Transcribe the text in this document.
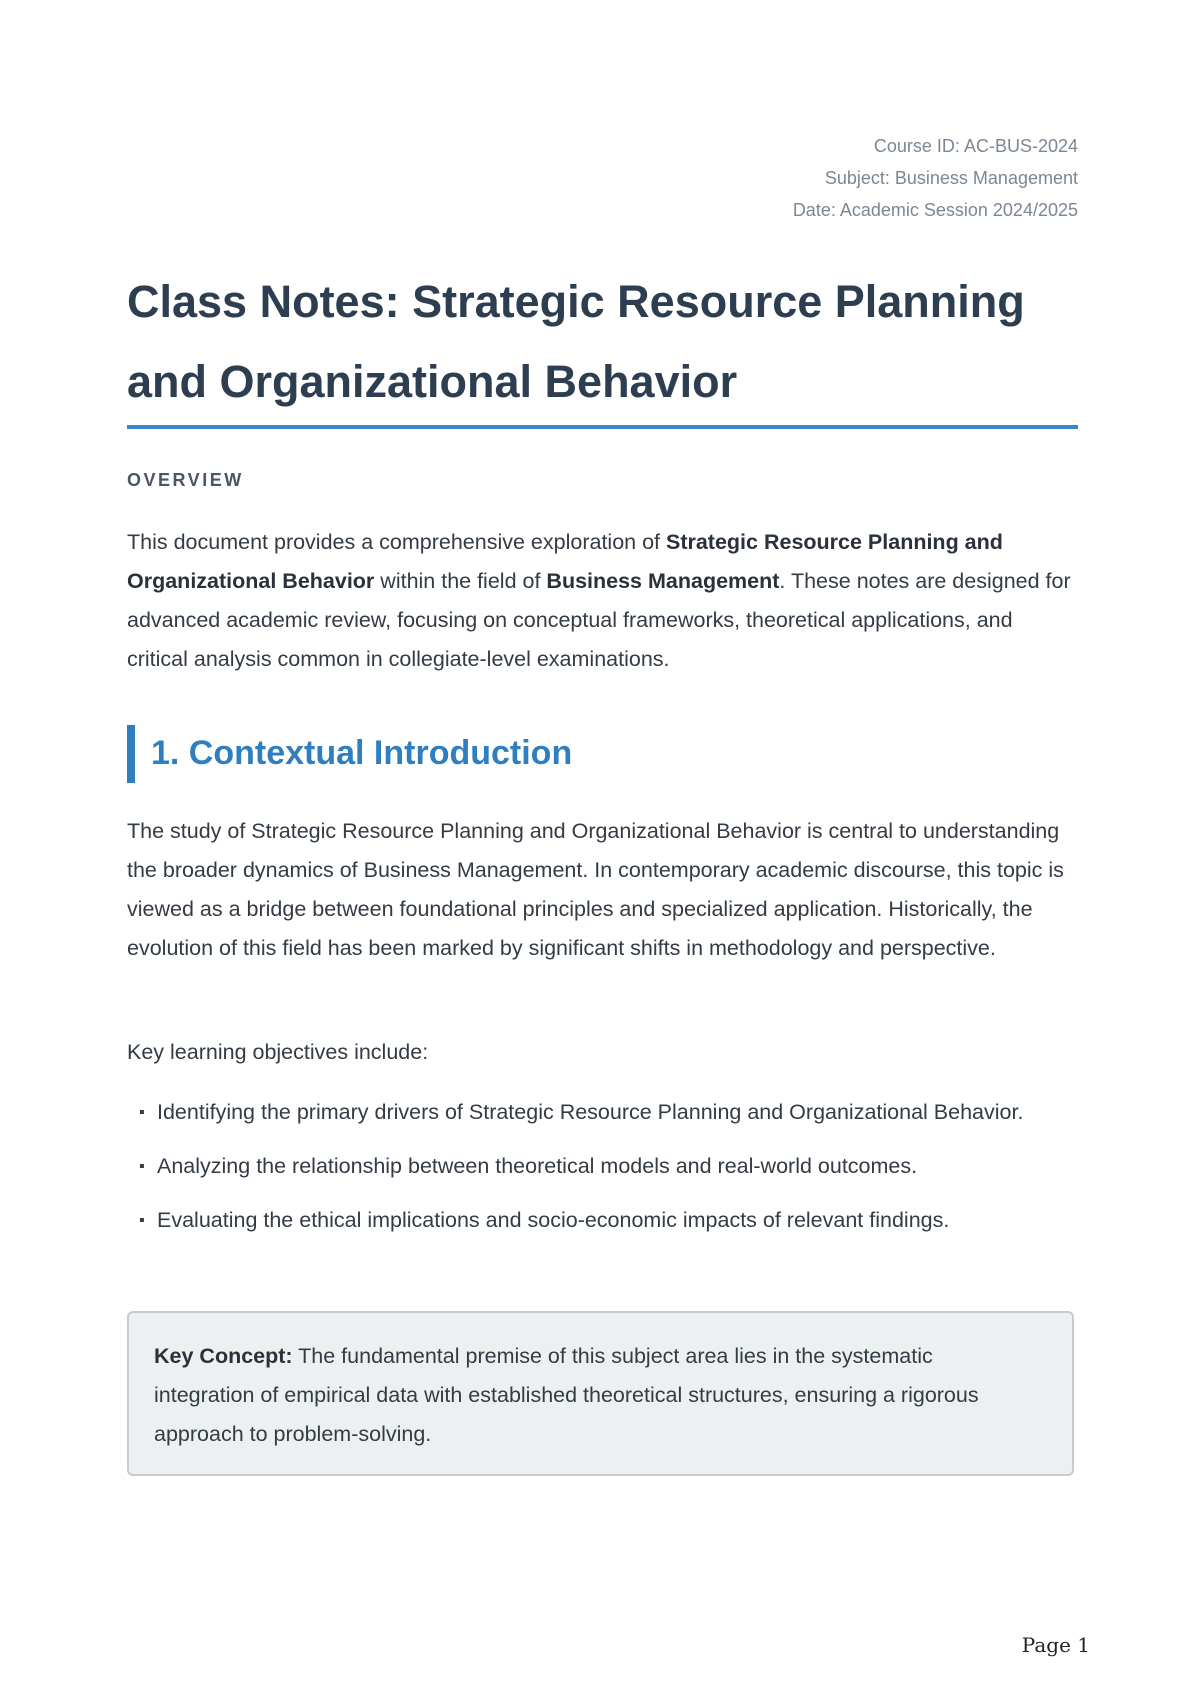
Course ID: AC-BUS-2024
Subject: Business Management
Date: Academic Session 2024/2025
Class Notes: Strategic Resource Planning and Organizational Behavior
OVERVIEW

This document provides a comprehensive exploration of Strategic Resource Planning and Organizational Behavior within the field of Business Management. These notes are designed for advanced academic review, focusing on conceptual frameworks, theoretical applications, and critical analysis common in collegiate-level examinations.

1. Contextual Introduction

The study of Strategic Resource Planning and Organizational Behavior is central to understanding the broader dynamics of Business Management. In contemporary academic discourse, this topic is viewed as a bridge between foundational principles and specialized application. Historically, the evolution of this field has been marked by significant shifts in methodology and perspective.

Key learning objectives include:

▪ Identifying the primary drivers of Strategic Resource Planning and Organizational Behavior.
▪ Analyzing the relationship between theoretical models and real-world outcomes.
▪ Evaluating the ethical implications and socio-economic impacts of relevant findings.

Key Concept: The fundamental premise of this subject area lies in the systematic integration of empirical data with established theoretical structures, ensuring a rigorous approach to problem-solving.

Page 1
